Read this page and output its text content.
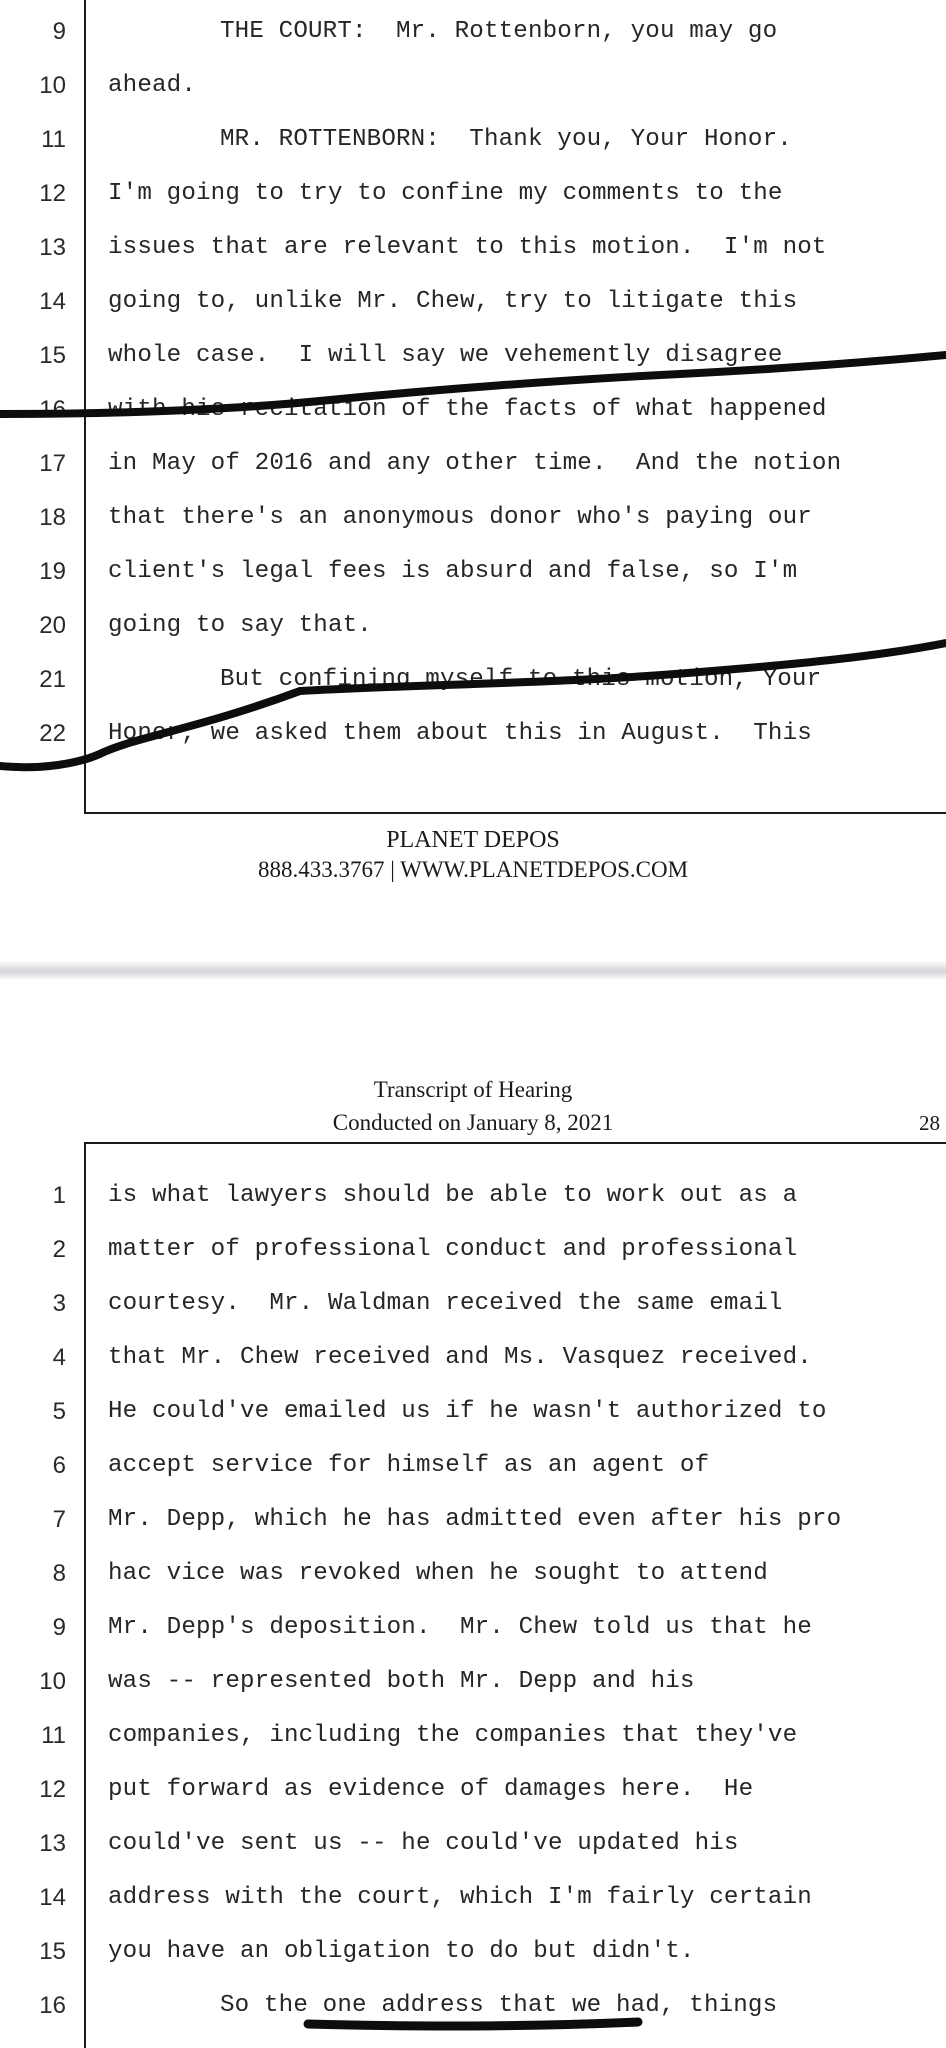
9	THE COURT:  Mr. Rottenborn, you may go
10 ahead.
11	MR. ROTTENBORN:  Thank you, Your Honor.
12 I'm going to try to confine my comments to the
13 issues that are relevant to this motion.  I'm not
14 going to, unlike Mr. Chew, try to litigate this
15 whole case.  I will say we vehemently disagree
16 with his recitation of the facts of what happened
17 in May of 2016 and any other time.  And the notion
18 that there's an anonymous donor who's paying our
19 client's legal fees is absurd and false, so I'm
20 going to say that.
21	But confining myself to this motion, Your
22 Honor, we asked them about this in August.  This
PLANET DEPOS
888.433.3767 | WWW.PLANETDEPOS.COM
Transcript of Hearing
Conducted on January 8, 2021	28
1 is what lawyers should be able to work out as a
2 matter of professional conduct and professional
3 courtesy.  Mr. Waldman received the same email
4 that Mr. Chew received and Ms. Vasquez received.
5 He could've emailed us if he wasn't authorized to
6 accept service for himself as an agent of
7 Mr. Depp, which he has admitted even after his pro
8 hac vice was revoked when he sought to attend
9 Mr. Depp's deposition.  Mr. Chew told us that he
10 was -- represented both Mr. Depp and his
11 companies, including the companies that they've
12 put forward as evidence of damages here.  He
13 could've sent us -- he could've updated his
14 address with the court, which I'm fairly certain
15 you have an obligation to do but didn't.
16	So the one address that we had, things
